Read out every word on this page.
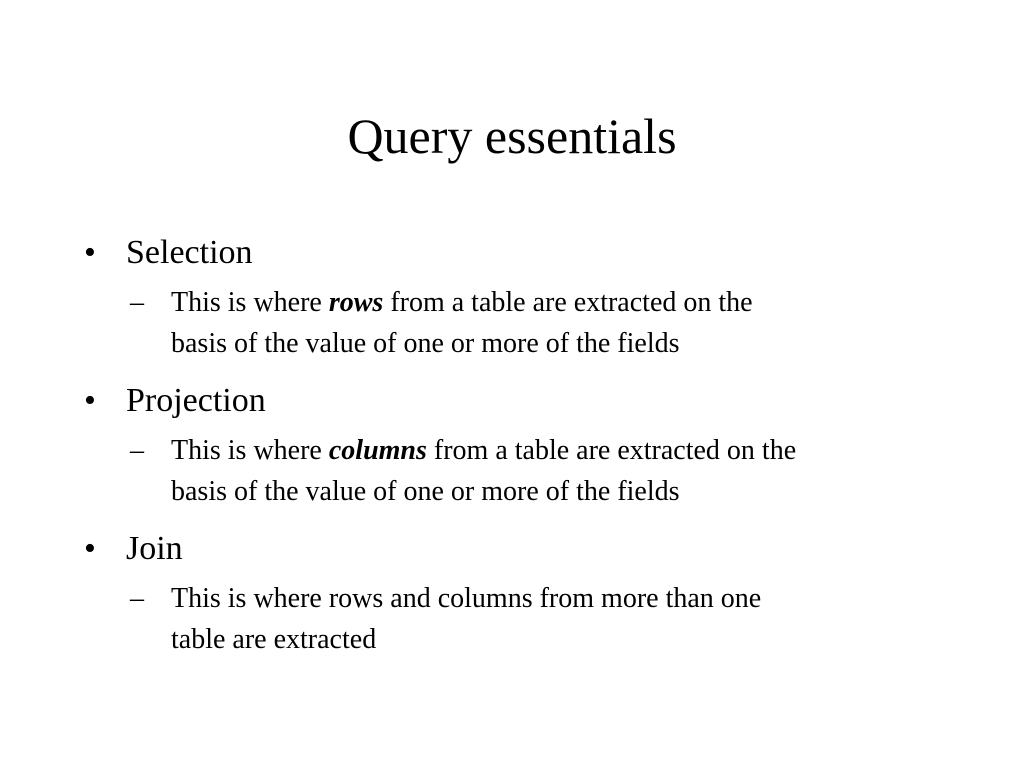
Query essentials
• Selection
– This is where rows from a table are extracted on the
basis of the value of one or more of the fields
• Projection
– This is where columns from a table are extracted on the
basis of the value of one or more of the fields
• Join
– This is where rows and columns from more than one
table are extracted
